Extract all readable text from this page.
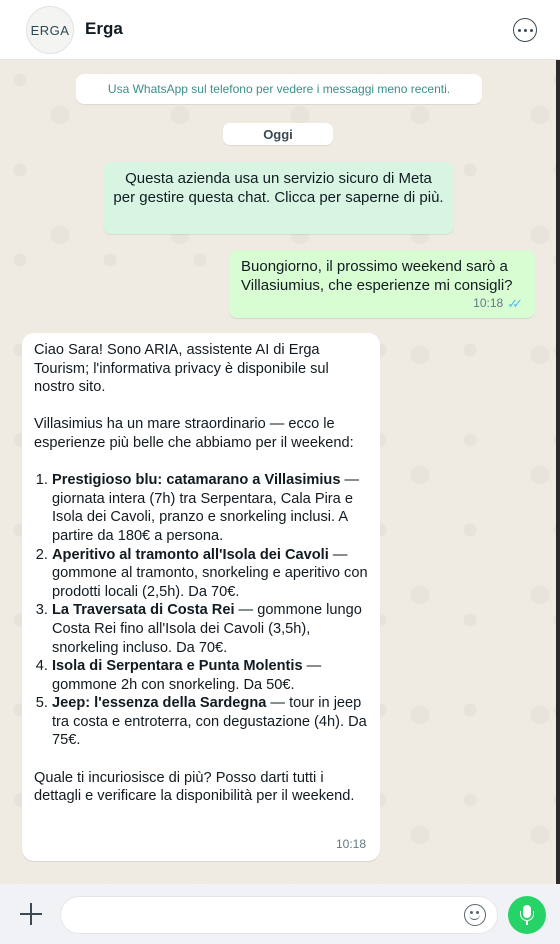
ERGA Erga
Usa WhatsApp sul telefono per vedere i messaggi meno recenti.
Oggi
Questa azienda usa un servizio sicuro di Meta per gestire questa chat. Clicca per saperne di più.
Buongiorno, il prossimo weekend sarò a Villasiumius, che esperienze mi consigli?
10:18 ✓✓

Ciao Sara! Sono ARIA, assistente AI di Erga Tourism; l'informativa privacy è disponibile sul nostro sito.

Villasimius ha un mare straordinario — ecco le esperienze più belle che abbiamo per il weekend:

1. Prestigioso blu: catamarano a Villasimius — giornata intera (7h) tra Serpentara, Cala Pira e Isola dei Cavoli, pranzo e snorkeling inclusi. A partire da 180€ a persona.
2. Aperitivo al tramonto all'Isola dei Cavoli — gommone al tramonto, snorkeling e aperitivo con prodotti locali (2,5h). Da 70€.
3. La Traversata di Costa Rei — gommone lungo Costa Rei fino all'Isola dei Cavoli (3,5h), snorkeling incluso. Da 70€.
4. Isola di Serpentara e Punta Molentis — gommone 2h con snorkeling. Da 50€.
5. Jeep: l'essenza della Sardegna — tour in jeep tra costa e entroterra, con degustazione (4h). Da 75€.

Quale ti incuriosisce di più? Posso darti tutti i dettagli e verificare la disponibilità per il weekend.

10:18
